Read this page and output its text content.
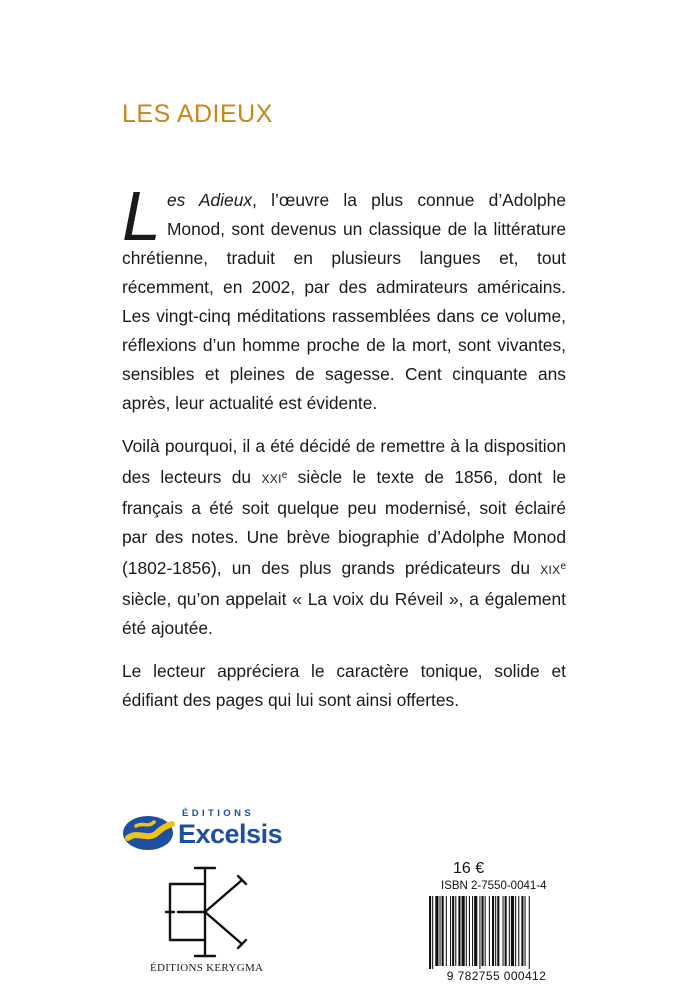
LES ADIEUX

Les Adieux, l’œuvre la plus connue d’Adolphe Monod, sont devenus un classique de la littérature chrétienne, traduit en plusieurs langues et, tout récemment, en 2002, par des admirateurs américains. Les vingt-cinq méditations rassemblées dans ce volume, réflexions d’un homme proche de la mort, sont vivantes, sensibles et pleines de sagesse. Cent cinquante ans après, leur actualité est évidente.

Voilà pourquoi, il a été décidé de remettre à la disposition des lecteurs du XXIe siècle le texte de 1856, dont le français a été soit quelque peu modernisé, soit éclairé par des notes. Une brève biographie d’Adolphe Monod (1802-1856), un des plus grands prédicateurs du XIXe siècle, qu’on appelait « La voix du Réveil », a également été ajoutée.

Le lecteur appréciera le caractère tonique, solide et édifiant des pages qui lui sont ainsi offertes.

ÉDITIONS
Excelsis
ÉDITIONS KERYGMA
16 €
ISBN 2-7550-0041-4
9 782755 000412
